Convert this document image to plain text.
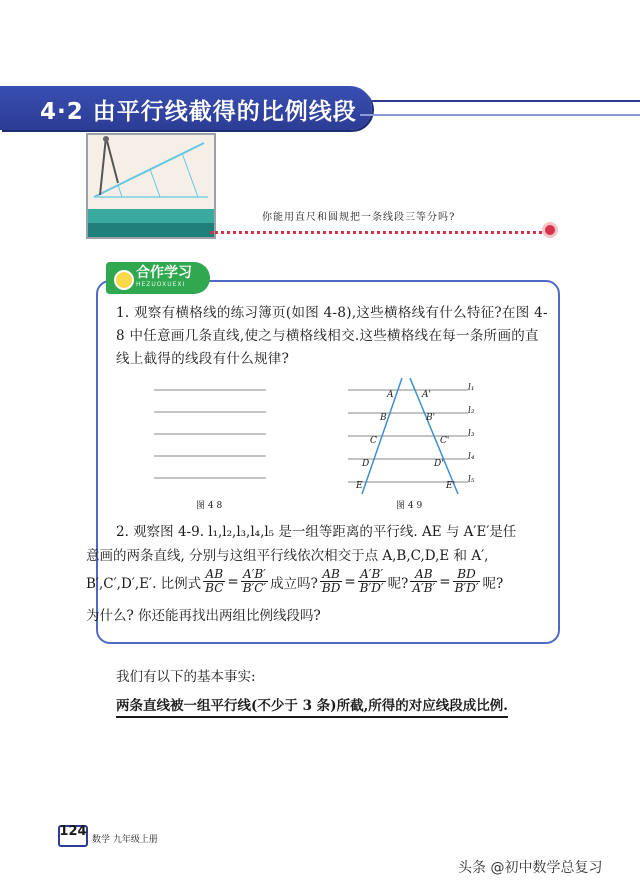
4·2 由平行线截得的比例线段
你能用直尺和圆规把一条线段三等分吗?
合作学习
HEZUOXUEXI
1. 观察有横格线的练习簿页(如图 4-8),这些横格线有什么特征?在图 4-8 中任意画几条直线,使之与横格线相交.这些横格线在每一条所画的直线上截得的线段有什么规律?
图 4 8
A
B
C
D
E
A'
B'
C'
D'
E'
l₁
l₂
l₃
l₄
l₅
图 4 9
2. 观察图 4-9. l₁,l₂,l₃,l₄,l₅ 是一组等距离的平行线. AE 与 A′E′是任
意画的两条直线, 分别与这组平行线依次相交于点 A,B,C,D,E 和 A′,
B′,C′,D′,E′. 比例式 $\frac{AB}{BC} = \frac{A'B'}{B'C'}$ 成立吗? $\frac{AB}{BD} = \frac{A'B'}{B'D'}$ 呢? $\frac{AB}{A'B'} = \frac{BD}{B'D'}$ 呢?
为什么? 你还能再找出两组比例线段吗?
我们有以下的基本事实:
两条直线被一组平行线(不少于 3 条)所截,所得的对应线段成比例.
124
数学 九年级上册
头条 @初中数学总复习
